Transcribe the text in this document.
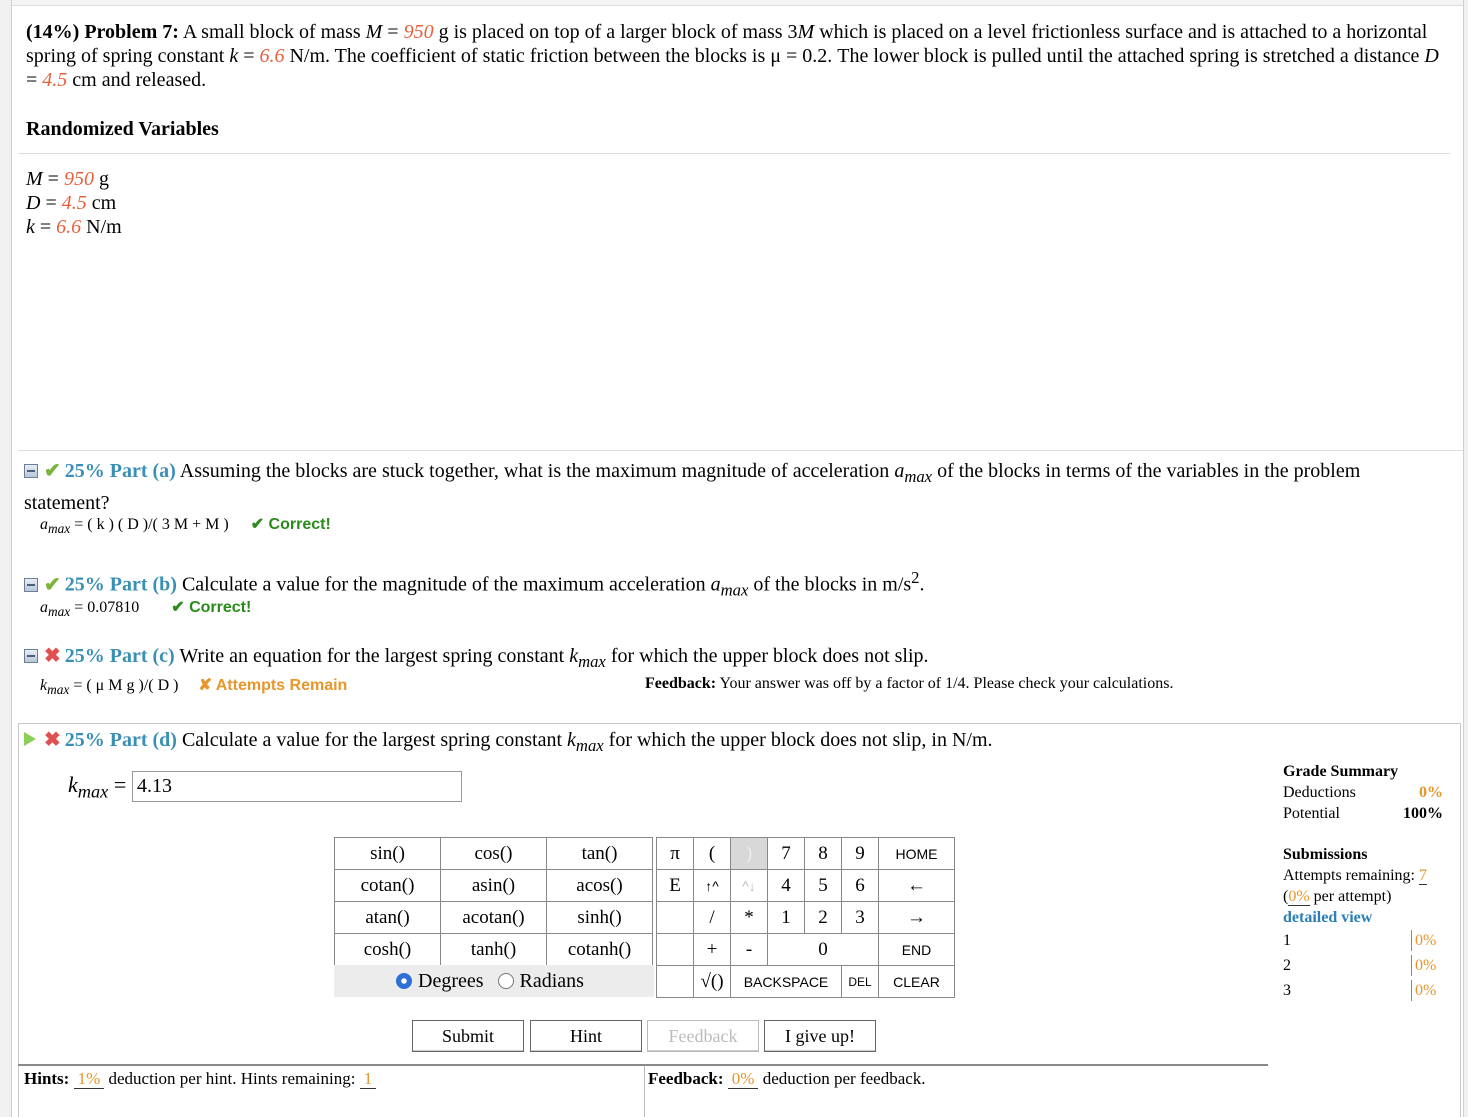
(14%) Problem 7: A small block of mass M = 950 g is placed on top of a larger block of mass 3M which is placed on a level frictionless surface and is attached to a horizontal spring of spring constant k = 6.6 N/m. The coefficient of static friction between the blocks is μ = 0.2. The lower block is pulled until the attached spring is stretched a distance D = 4.5 cm and released.
Randomized Variables
M = 950 g
D = 4.5 cm
k = 6.6 N/m
✔ 25% Part (a) Assuming the blocks are stuck together, what is the maximum magnitude of acceleration $a_{max}$ of the blocks in terms of the variables in the problem statement?
$a_{max}$ = ( k ) ( D )/( 3 M + M ) ✔ Correct!
✔ 25% Part (b) Calculate a value for the magnitude of the maximum acceleration $a_{max}$ of the blocks in $m/s^2$.
$a_{max} = 0.07810$ ✔ Correct!
✖ 25% Part (c) Write an equation for the largest spring constant $k_{max}$ for which the upper block does not slip.
$k_{max}$ = ( μ M g )/( D ) ✘ Attempts Remain	Feedback: Your answer was off by a factor of 1/4. Please check your calculations.
✖ 25% Part (d) Calculate a value for the largest spring constant $k_{max}$ for which the upper block does not slip, in N/m.
$k_{max}$ =
4.13
sin()	cos()	tan()
cotan()	asin()	acos()
atan()	acotan()	sinh()
cosh()	tanh()	cotanh()
Degrees Radians
π	(	)	7	8	9	HOME
E	↑^	^↓	4	5	6	←
	/	*	1	2	3	→
	+	-	0			END
	√()	BACKSPACE			DEL	CLEAR
Submit	Hint	Feedback	I give up!
Hints: 1% deduction per hint. Hints remaining: 1	Feedback: 0% deduction per feedback.
Grade Summary
Deductions	0%
Potential	100%
Submissions
Attempts remaining: 7
(0% per attempt)
detailed view
1	0%
2	0%
3	0%
